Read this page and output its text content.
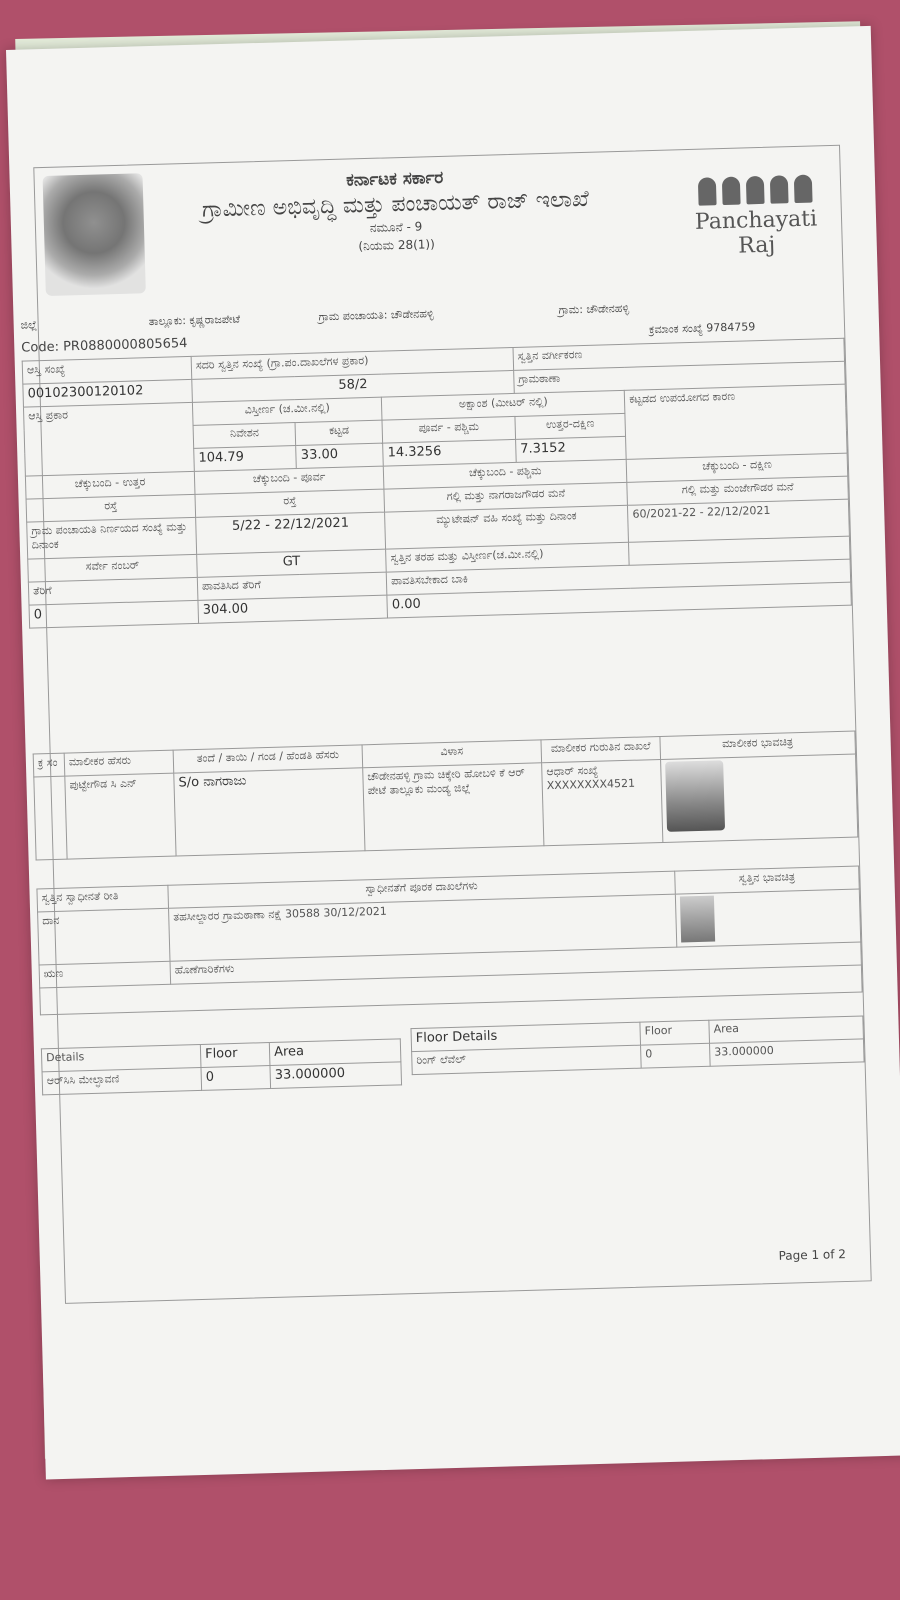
ಕರ್ನಾಟಕ ಸರ್ಕಾರ
ಗ್ರಾಮೀಣ ಅಭಿವೃದ್ಧಿ ಮತ್ತು ಪಂಚಾಯತ್ ರಾಜ್ ಇಲಾಖೆ
ನಮೂನೆ - 9
(ನಿಯಮ 28(1))
Panchayati Raj
ಜಿಲ್ಲೆ	ತಾಲ್ಲೂಕು: ಕೃಷ್ಣರಾಜಪೇಟೆ	ಗ್ರಾಮ ಪಂಚಾಯತಿ: ಚೌಡೇನಹಳ್ಳಿ	ಗ್ರಾಮ: ಚೌಡೇನಹಳ್ಳಿ
Code: PR0880000805654
ಕ್ರಮಾಂಕ ಸಂಖ್ಯೆ 9784759
ಆಸ್ತಿ ಸಂಖ್ಯೆ	ಸದರಿ ಸ್ವತ್ತಿನ ಸಂಖ್ಯೆ (ಗ್ರಾ.ಪಂ.ದಾಖಲೆಗಳ ಪ್ರಕಾರ)			ಸ್ವತ್ತಿನ ವರ್ಗೀಕರಣ	
00102300120102	58/2			ಗ್ರಾಮಠಾಣಾ	
ಆಸ್ತಿ ಪ್ರಕಾರ	ವಿಸ್ತೀರ್ಣ (ಚ.ಮೀ.ನಲ್ಲಿ)		ಅಕ್ಷಾಂಶ (ಮೀಟರ್ ನಲ್ಲಿ)		ಕಟ್ಟಡದ ಉಪಯೋಗದ ಕಾರಣ
	ನಿವೇಶನ	ಕಟ್ಟಡ	ಪೂರ್ವ - ಪಶ್ಚಿಮ	ಉತ್ತರ-ದಕ್ಷಿಣ	
	104.79	33.00	14.3256	7.3152	
ಚೆಕ್ಕುಬಂದಿ - ಉತ್ತರ	ಚೆಕ್ಕುಬಂದಿ - ಪೂರ್ವ		ಚೆಕ್ಕುಬಂದಿ - ಪಶ್ಚಿಮ		ಚೆಕ್ಕುಬಂದಿ - ದಕ್ಷಿಣ
ರಸ್ತೆ	ರಸ್ತೆ		ಗಲ್ಲಿ ಮತ್ತು ನಾಗರಾಜಗೌಡರ ಮನೆ		ಗಲ್ಲಿ ಮತ್ತು ಮಂಜೇಗೌಡರ ಮನೆ
ಗ್ರಾಮ ಪಂಚಾಯತಿ ನಿರ್ಣಯದ ಸಂಖ್ಯೆ ಮತ್ತು ದಿನಾಂಕ	5/22 - 22/12/2021		ಮ್ಯುಟೇಷನ್ ವಹಿ ಸಂಖ್ಯೆ ಮತ್ತು ದಿನಾಂಕ		60/2021-22 - 22/12/2021
ಸರ್ವೇ ನಂಬರ್	GT		ಸ್ವತ್ತಿನ ತರಹ ಮತ್ತು ವಿಸ್ತೀರ್ಣ(ಚ.ಮೀ.ನಲ್ಲಿ)		
ತೆರಿಗೆ	ಪಾವತಿಸಿದ ತೆರಿಗೆ		ಪಾವತಿಸಬೇಕಾದ ಬಾಕಿ		
0	304.00		0.00		
ಕ್ರ ಸಂ	ಮಾಲೀಕರ ಹೆಸರು	ತಂದೆ / ತಾಯಿ / ಗಂಡ / ಹೆಂಡತಿ ಹೆಸರು	ವಿಳಾಸ	ಮಾಲೀಕರ ಗುರುತಿನ ದಾಖಲೆ	ಮಾಲೀಕರ ಭಾವಚಿತ್ರ
	ಪುಟ್ಟೇಗೌಡ ಸಿ ಎನ್	S/o ನಾಗರಾಜು	ಚೌಡೇನಹಳ್ಳಿ ಗ್ರಾಮ ಚಿಕ್ಕೇರಿ ಹೋಬಳಿ ಕೆ ಆರ್ ಪೇಟೆ ತಾಲ್ಲೂಕು ಮಂಡ್ಯ ಜಿಲ್ಲೆ	ಆಧಾರ್ ಸಂಖ್ಯೆ XXXXXXXX4521	
ಸ್ವತ್ತಿನ ಸ್ವಾಧೀನತೆ ರೀತಿ	ಸ್ವಾಧೀನತೆಗೆ ಪೂರಕ ದಾಖಲೆಗಳು	ಸ್ವತ್ತಿನ ಭಾವಚಿತ್ರ
ದಾನ	ತಹಸೀಲ್ದಾರರ ಗ್ರಾಮಠಾಣಾ ನಕ್ಷೆ 30588 30/12/2021	

ಋಣ	ಹೊಣೆಗಾರಿಕೆಗಳು	

Details	Floor	Area
ಆರ್‌ಸಿಸಿ ಮೇಲ್ಛಾವಣಿ	0	33.000000
Floor Details	Floor	Area
ರಿಂಗ್ ಲೆವೆಲ್	0	33.000000
Page 1 of 2
